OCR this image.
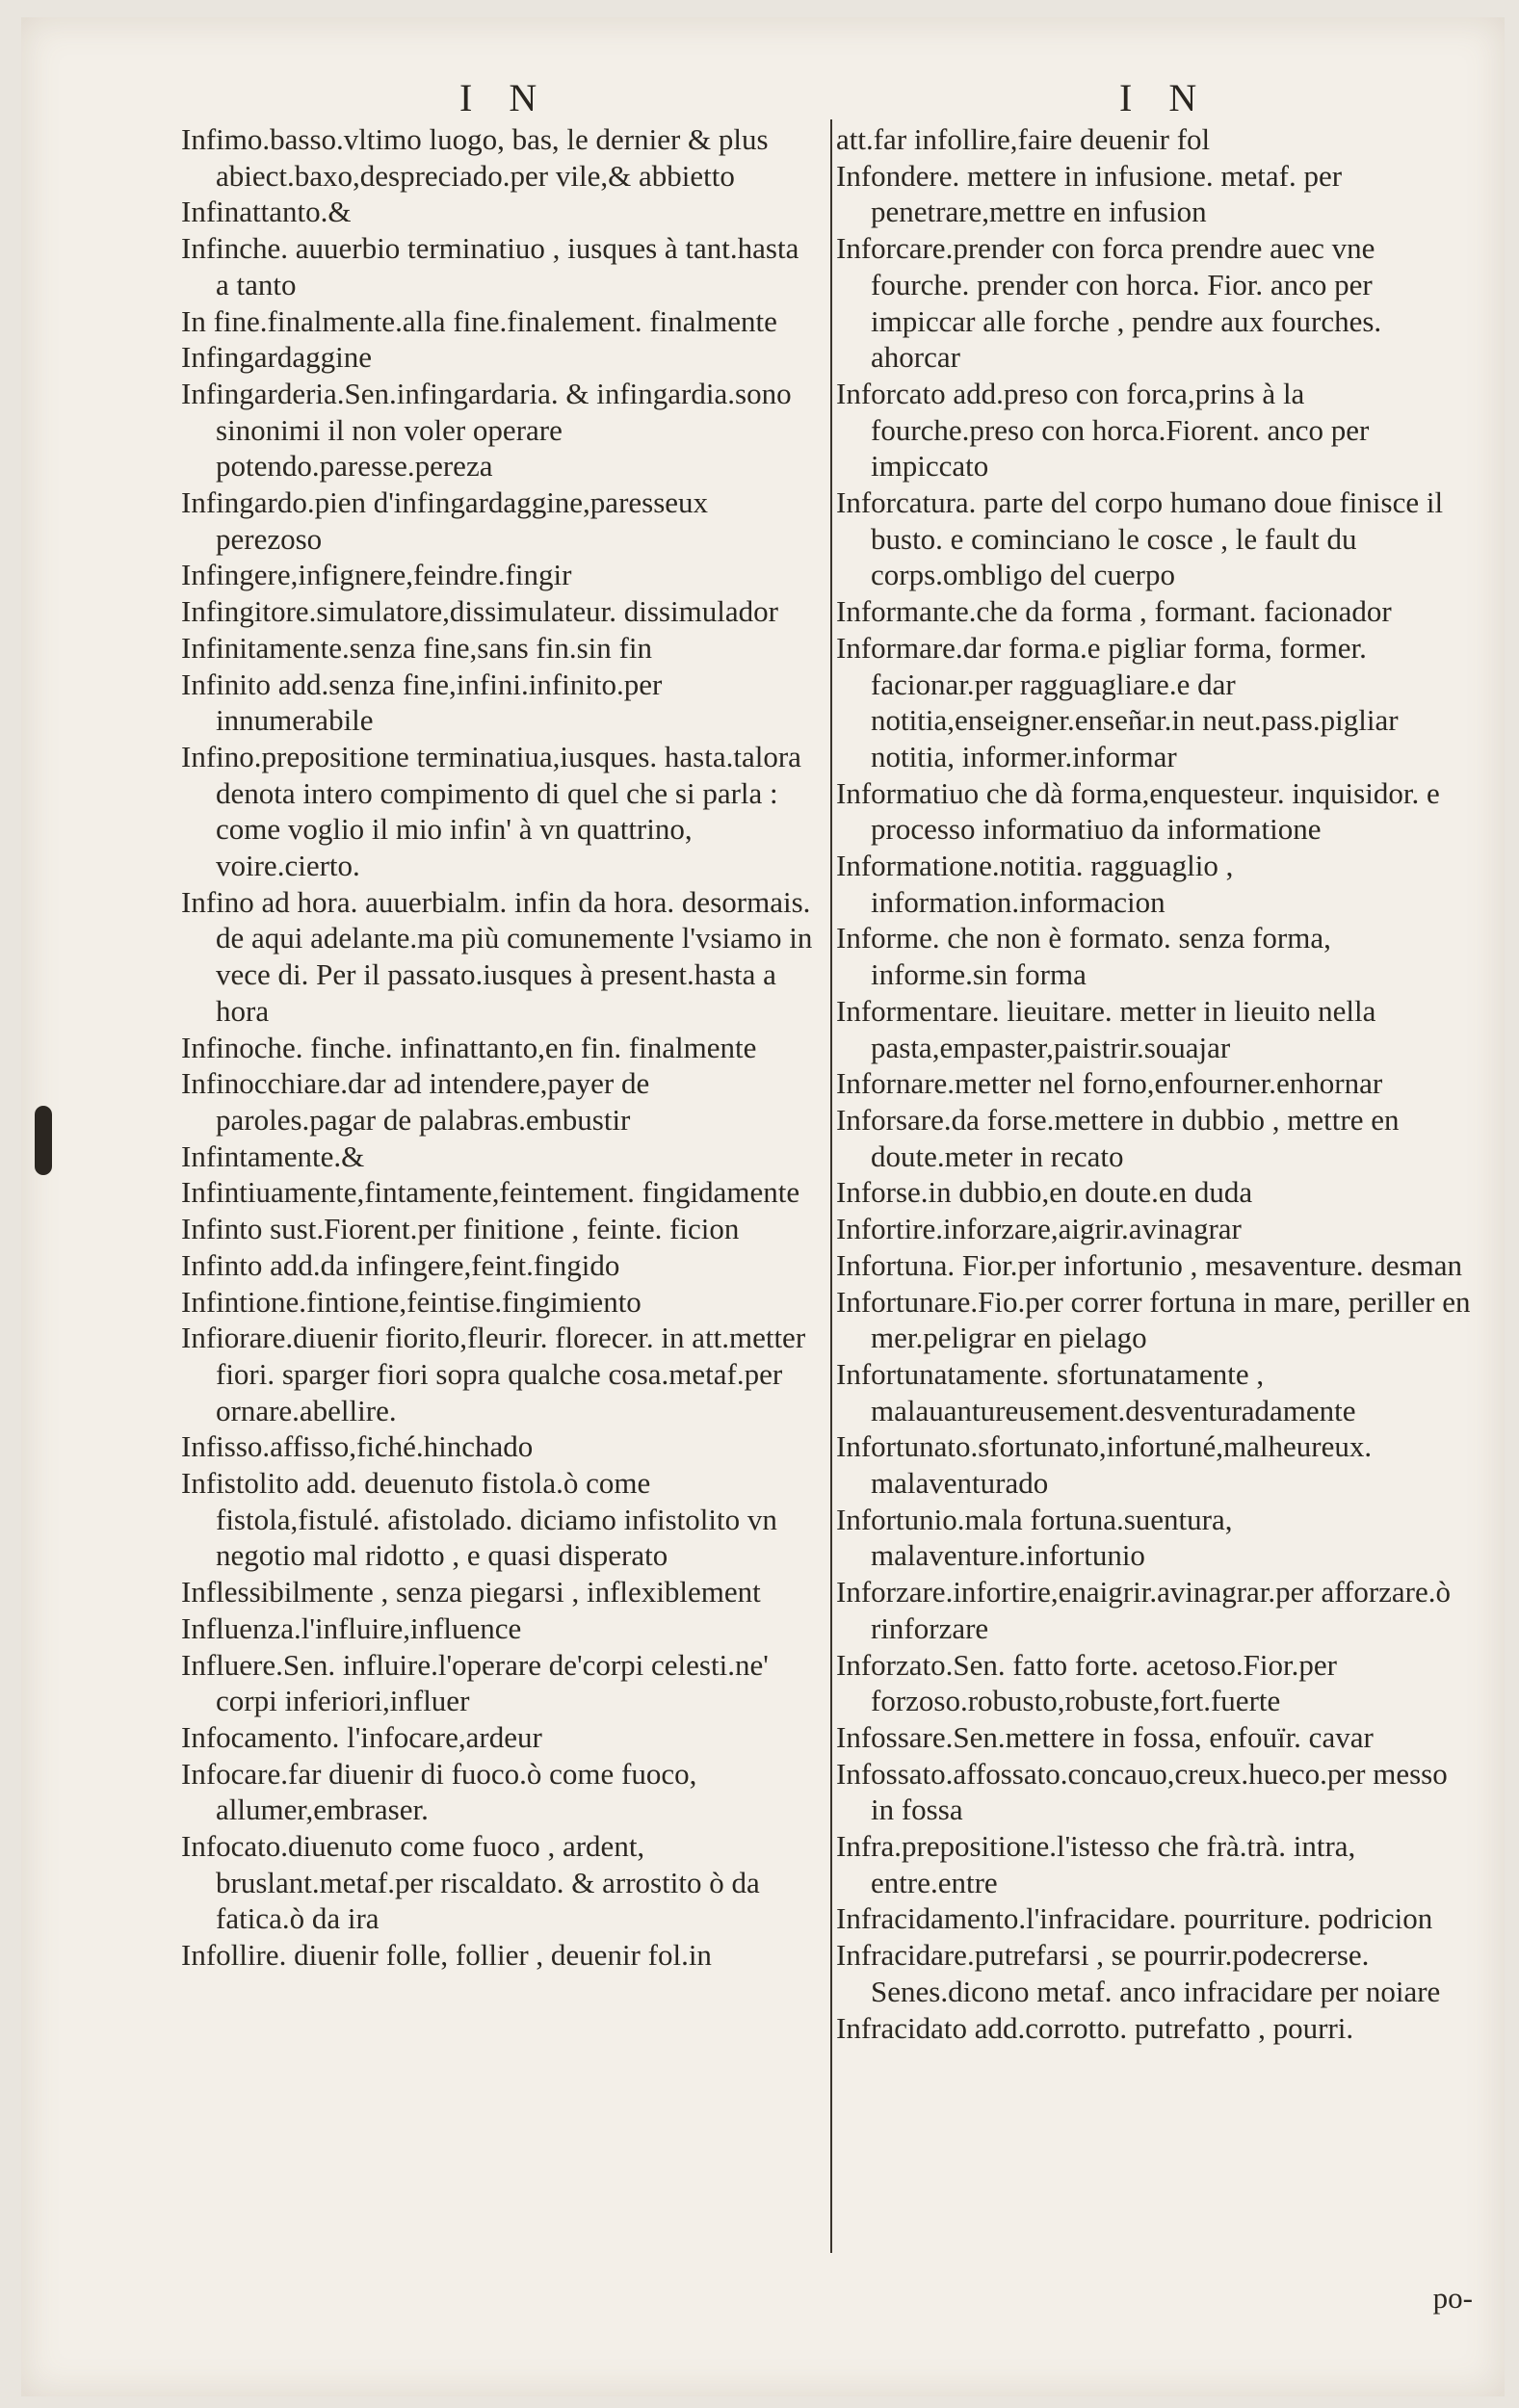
I N	I N

Infimo.basso.vltimo luogo, bas, le dernier & plus abiect.baxo,despreciado.per vile,& abbietto

Infinattanto.&

Infinche. auuerbio terminatiuo , iusques à tant.hasta a tanto

In fine.finalmente.alla fine.finalement. finalmente

Infingardaggine

Infingarderia.Sen.infingardaria. & infingardia.sono sinonimi il non voler operare potendo.paresse.pereza

Infingardo.pien d'infingardaggine,paresseux perezoso

Infingere,infignere,feindre.fingir

Infingitore.simulatore,dissimulateur. dissimulador

Infinitamente.senza fine,sans fin.sin fin

Infinito add.senza fine,infini.infinito.per innumerabile

Infino.prepositione terminatiua,iusques. hasta.talora denota intero compimento di quel che si parla : come voglio il mio infin' à vn quattrino, voire.cierto.

Infino ad hora. auuerbialm. infin da hora. desormais. de aqui adelante.ma più comunemente l'vsiamo in vece di. Per il passato.iusques à present.hasta a hora

Infinoche. finche. infinattanto,en fin. finalmente

Infinocchiare.dar ad intendere,payer de paroles.pagar de palabras.embustir

Infintamente.&

Infintiuamente,fintamente,feintement. fingidamente

Infinto sust.Fiorent.per finitione , feinte. ficion

Infinto add.da infingere,feint.fingido

Infintione.fintione,feintise.fingimiento

Infiorare.diuenir fiorito,fleurir. florecer. in att.metter fiori. sparger fiori sopra qualche cosa.metaf.per ornare.abellire.

Infisso.affisso,fiché.hinchado

Infistolito add. deuenuto fistola.ò come fistola,fistulé. afistolado. diciamo infistolito vn negotio mal ridotto , e quasi disperato

Inflessibilmente , senza piegarsi , inflexiblement

Influenza.l'influire,influence

Influere.Sen. influire.l'operare de'corpi celesti.ne' corpi inferiori,influer

Infocamento. l'infocare,ardeur

Infocare.far diuenir di fuoco.ò come fuoco, allumer,embraser.

Infocato.diuenuto come fuoco , ardent, bruslant.metaf.per riscaldato. & arrostito ò da fatica.ò da ira

Infollire. diuenir folle, follier , deuenir fol.in

att.far infollire,faire deuenir fol

Infondere. mettere in infusione. metaf. per penetrare,mettre en infusion

Inforcare.prender con forca prendre auec vne fourche. prender con horca. Fior. anco per impiccar alle forche , pendre aux fourches. ahorcar

Inforcato add.preso con forca,prins à la fourche.preso con horca.Fiorent. anco per impiccato

Inforcatura. parte del corpo humano doue finisce il busto. e cominciano le cosce , le fault du corps.ombligo del cuerpo

Informante.che da forma , formant. facionador

Informare.dar forma.e pigliar forma, former. facionar.per ragguagliare.e dar notitia,enseigner.enseñar.in neut.pass.pigliar notitia, informer.informar

Informatiuo che dà forma,enquesteur. inquisidor. e processo informatiuo da informatione

Informatione.notitia. ragguaglio , information.informacion

Informe. che non è formato. senza forma, informe.sin forma

Informentare. lieuitare. metter in lieuito nella pasta,empaster,paistrir.souajar

Infornare.metter nel forno,enfourner.enhornar

Inforsare.da forse.mettere in dubbio , mettre en doute.meter in recato

Inforse.in dubbio,en doute.en duda

Infortire.inforzare,aigrir.avinagrar

Infortuna. Fior.per infortunio , mesaventure. desman

Infortunare.Fio.per correr fortuna in mare, periller en mer.peligrar en pielago

Infortunatamente. sfortunatamente , malauantureusement.desventuradamente

Infortunato.sfortunato,infortuné,malheureux. malaventurado

Infortunio.mala fortuna.suentura, malaventure.infortunio

Inforzare.infortire,enaigrir.avinagrar.per afforzare.ò rinforzare

Inforzato.Sen. fatto forte. acetoso.Fior.per forzoso.robusto,robuste,fort.fuerte

Infossare.Sen.mettere in fossa, enfouïr. cavar

Infossato.affossato.concauo,creux.hueco.per messo in fossa

Infra.prepositione.l'istesso che frà.trà. intra, entre.entre

Infracidamento.l'infracidare. pourriture. podricion

Infracidare.putrefarsi , se pourrir.podecrerse. Senes.dicono metaf. anco infracidare per noiare

Infracidato add.corrotto. putrefatto , pourri.

po-
